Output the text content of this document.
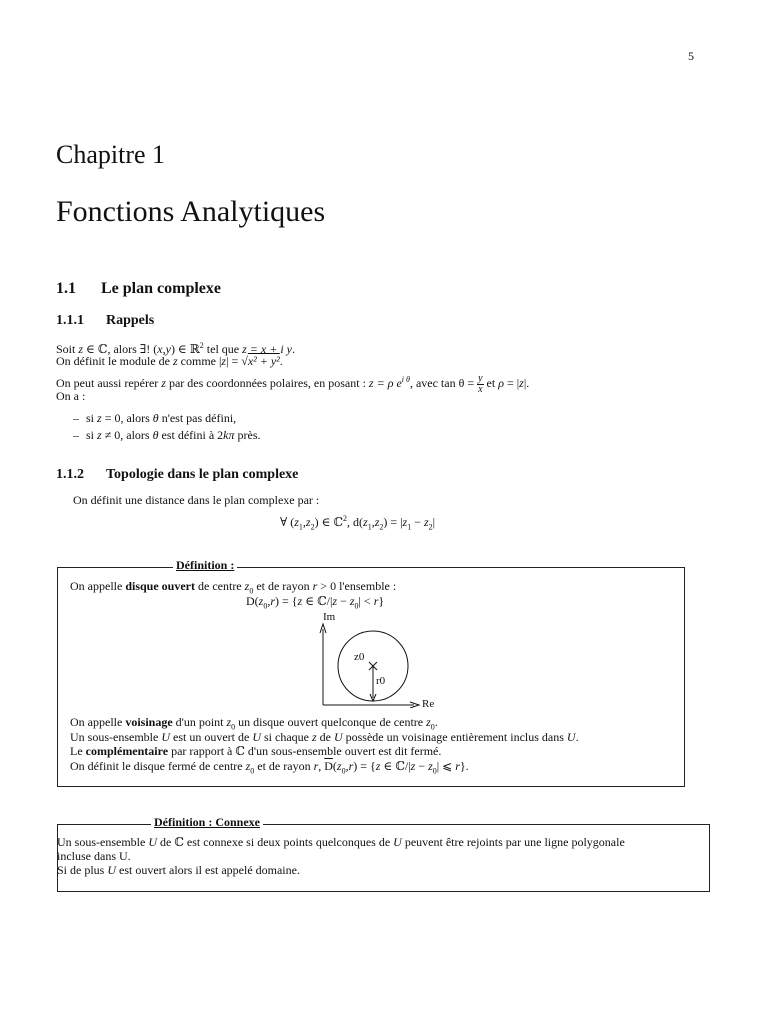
5
Chapitre 1
Fonctions Analytiques
1.1 Le plan complexe
1.1.1 Rappels
Soit z ∈ ℂ, alors ∃! (x,y) ∈ ℝ$^2$ tel que z = x + i y.
On définit le module de z comme |z| = √x² + y².
On peut aussi repérer z par des coordonnées polaires, en posant : z = ρ $e^{i \theta}$, avec $\tan \theta = \frac{y}{x}$ et ρ = |z|.
On a :
– si z = 0, alors θ n'est pas défini,
– si z ≠ 0, alors θ est défini à 2kπ près.
1.1.2 Topologie dans le plan complexe
On définit une distance dans le plan complexe par :
∀ $(z_1,z_2)$ ∈ ℂ$^2$, $d(z_1,z_2) = |z_1 - z_2|$
Définition :
On appelle disque ouvert de centre $z_0$ et de rayon r > 0 l'ensemble :
$D(z_0,r) = \{z$ ∈ ℂ/|z − $z_0| < r$}
Im
Re
z0
r0
On appelle voisinage d'un point $z_0$ un disque ouvert quelconque de centre $z_0$.
Un sous-ensemble U est un ouvert de U si chaque z de U possède un voisinage entièrement inclus dans U.
Le complémentaire par rapport à ℂ d'un sous-ensemble ouvert est dit fermé.
On définit le disque fermé de centre $z_0$ et de rayon r, $\overline{D}(z_0,r) = \{z$ ∈ ℂ/|z − $z_0|$ ⩽ r}.
Définition : Connexe
Un sous-ensemble U de ℂ est connexe si deux points quelconques de U peuvent être rejoints par une ligne polygonale
incluse dans U.
Si de plus U est ouvert alors il est appelé domaine.
